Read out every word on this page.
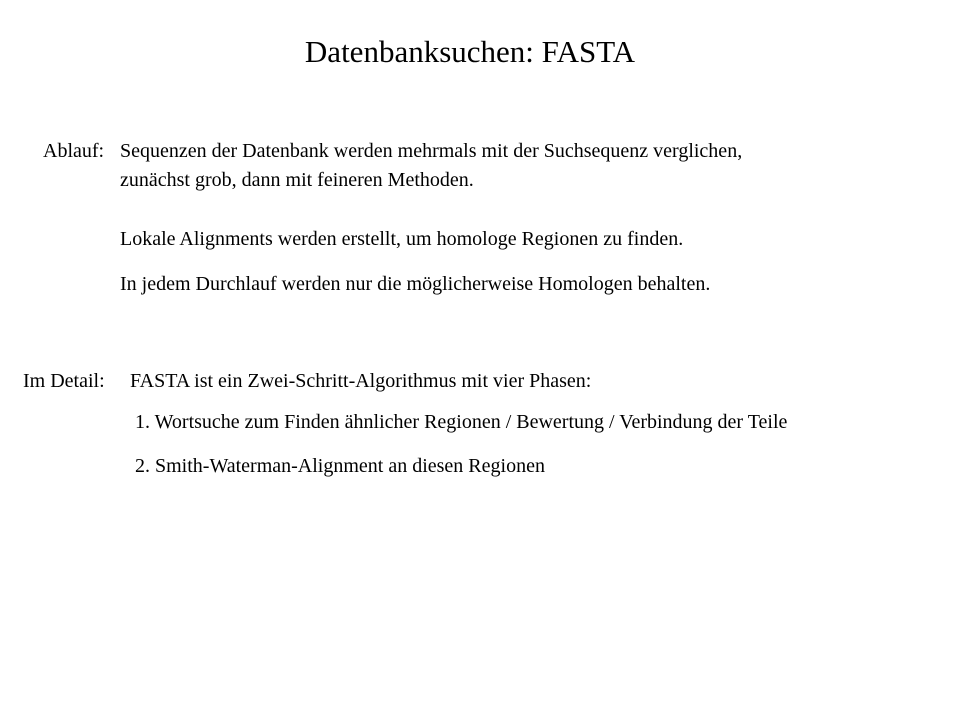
Datenbanksuchen: FASTA
Ablauf: Sequenzen der Datenbank werden mehrmals mit der Suchsequenz verglichen,
zunächst grob, dann mit feineren Methoden.
Lokale Alignments werden erstellt, um homologe Regionen zu finden.
In jedem Durchlauf werden nur die möglicherweise Homologen behalten.
Im Detail: FASTA ist ein Zwei-Schritt-Algorithmus mit vier Phasen:
1. Wortsuche zum Finden ähnlicher Regionen / Bewertung / Verbindung der Teile
2. Smith-Waterman-Alignment an diesen Regionen
